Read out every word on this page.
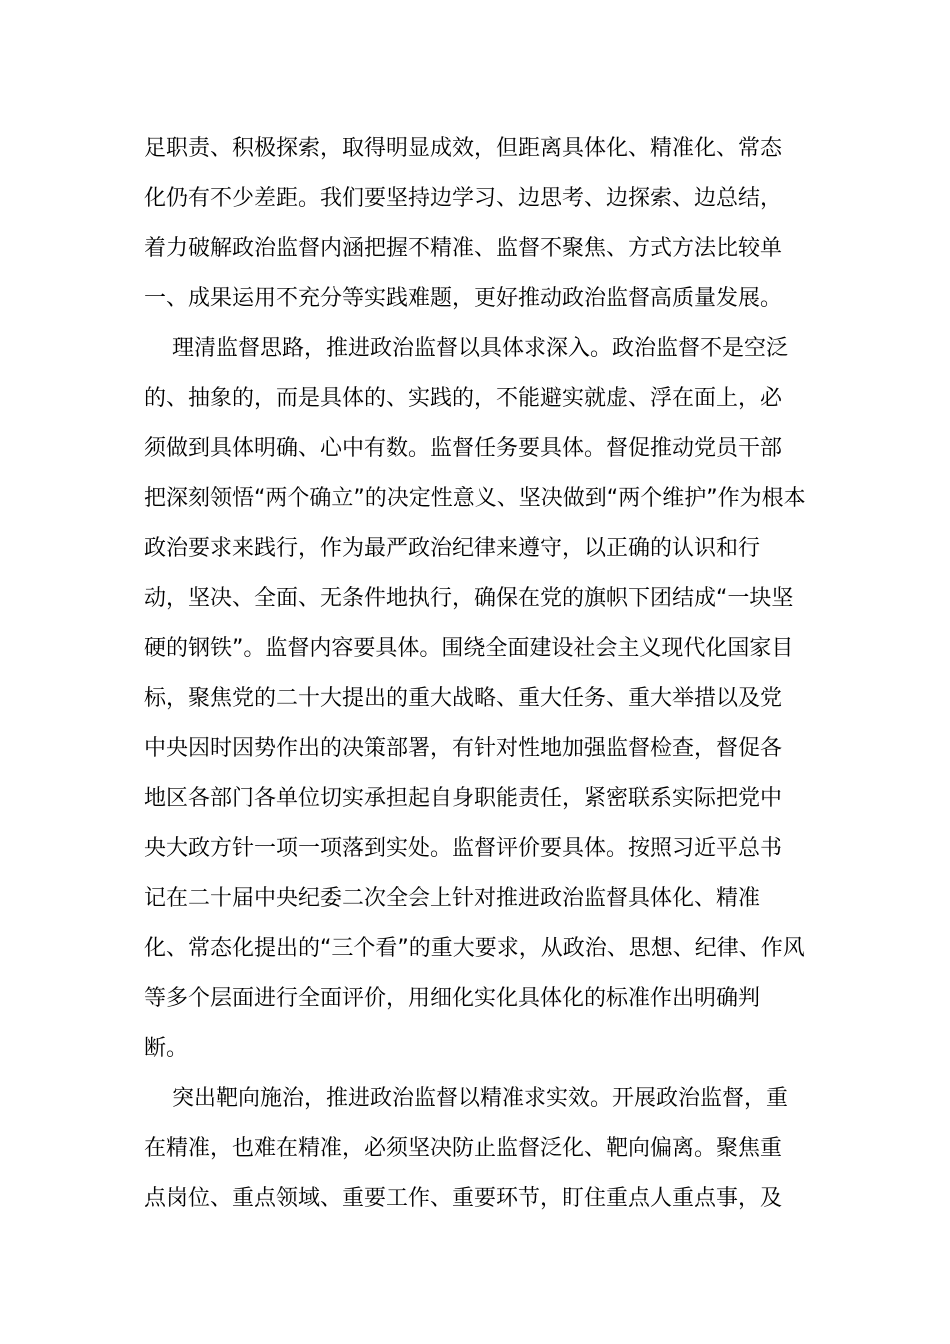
足职责、积极探索，取得明显成效，但距离具体化、精准化、常态
化仍有不少差距。我们要坚持边学习、边思考、边探索、边总结，
着力破解政治监督内涵把握不精准、监督不聚焦、方式方法比较单
一、成果运用不充分等实践难题，更好推动政治监督高质量发展。
理清监督思路，推进政治监督以具体求深入。政治监督不是空泛
的、抽象的，而是具体的、实践的，不能避实就虚、浮在面上，必
须做到具体明确、心中有数。监督任务要具体。督促推动党员干部
把深刻领悟“两个确立”的决定性意义、坚决做到“两个维护”作为根本
政治要求来践行，作为最严政治纪律来遵守，以正确的认识和行
动，坚决、全面、无条件地执行，确保在党的旗帜下团结成“一块坚
硬的钢铁”。监督内容要具体。围绕全面建设社会主义现代化国家目
标，聚焦党的二十大提出的重大战略、重大任务、重大举措以及党
中央因时因势作出的决策部署，有针对性地加强监督检查，督促各
地区各部门各单位切实承担起自身职能责任，紧密联系实际把党中
央大政方针一项一项落到实处。监督评价要具体。按照习近平总书
记在二十届中央纪委二次全会上针对推进政治监督具体化、精准
化、常态化提出的“三个看”的重大要求，从政治、思想、纪律、作风
等多个层面进行全面评价，用细化实化具体化的标准作出明确判
断。
突出靶向施治，推进政治监督以精准求实效。开展政治监督，重
在精准，也难在精准，必须坚决防止监督泛化、靶向偏离。聚焦重
点岗位、重点领域、重要工作、重要环节，盯住重点人重点事，及
